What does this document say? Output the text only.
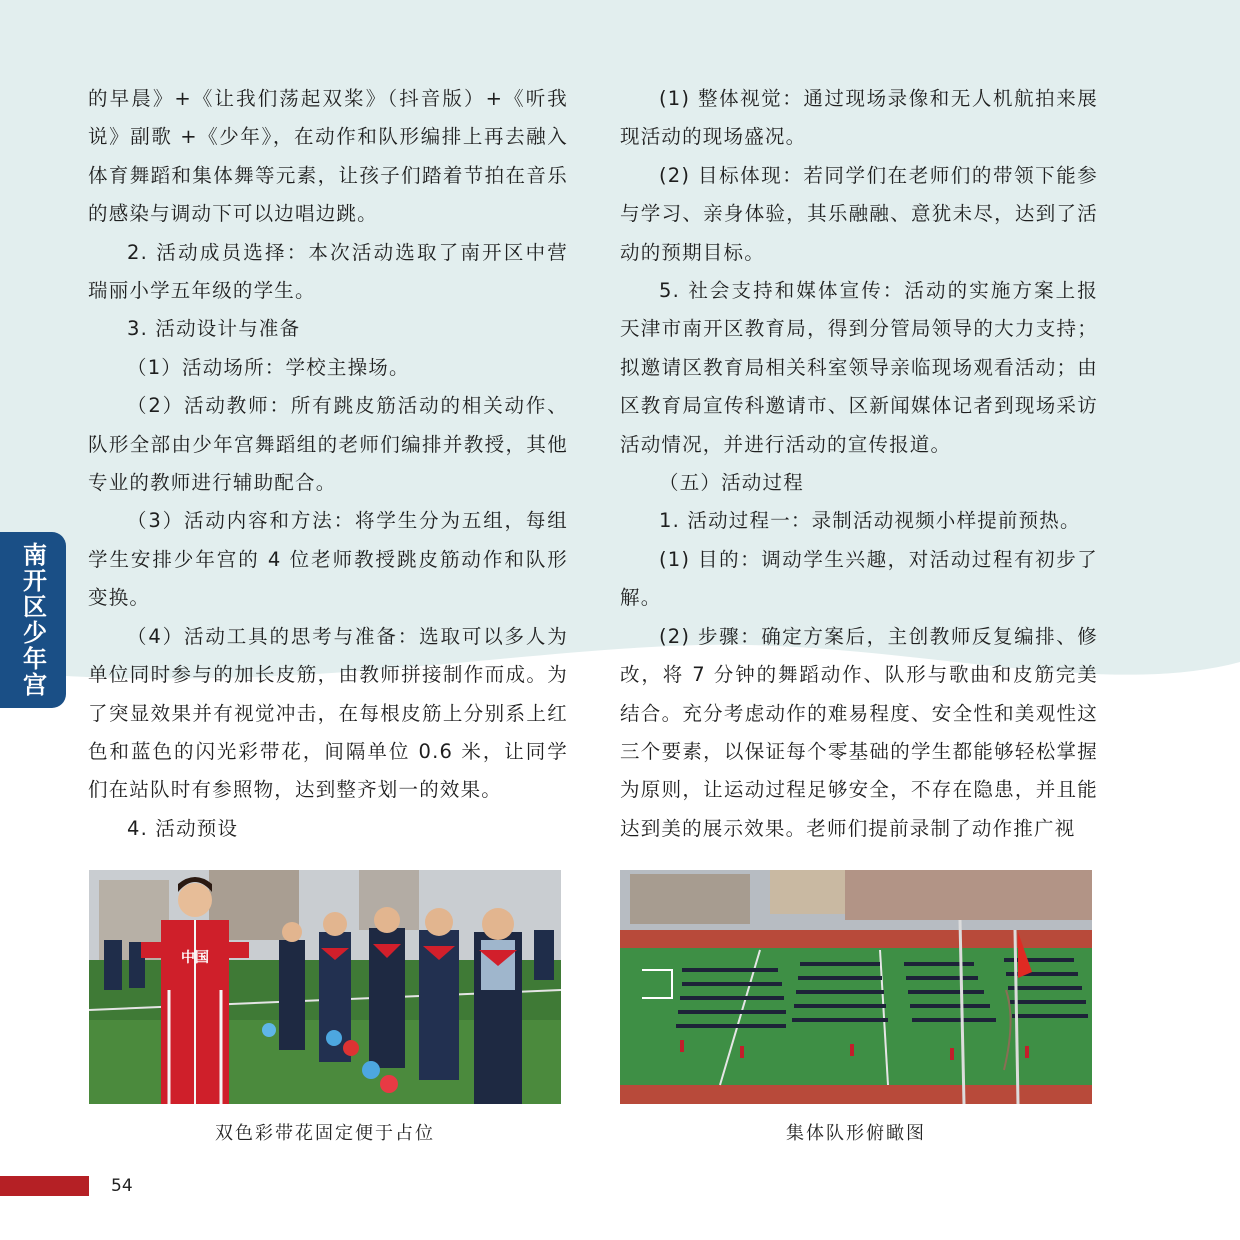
的早晨》+《让我们荡起双桨》（抖音版）+《听我说》副歌 +《少年》，在动作和队形编排上再去融入体育舞蹈和集体舞等元素，让孩子们踏着节拍在音乐的感染与调动下可以边唱边跳。

2. 活动成员选择：本次活动选取了南开区中营瑞丽小学五年级的学生。

3. 活动设计与准备

（1）活动场所：学校主操场。

（2）活动教师：所有跳皮筋活动的相关动作、队形全部由少年宫舞蹈组的老师们编排并教授，其他专业的教师进行辅助配合。

（3）活动内容和方法：将学生分为五组，每组学生安排少年宫的 4 位老师教授跳皮筋动作和队形变换。

（4）活动工具的思考与准备：选取可以多人为单位同时参与的加长皮筋，由教师拼接制作而成。为了突显效果并有视觉冲击，在每根皮筋上分别系上红色和蓝色的闪光彩带花，间隔单位 0.6 米，让同学们在站队时有参照物，达到整齐划一的效果。

4. 活动预设

(1) 整体视觉：通过现场录像和无人机航拍来展现活动的现场盛况。

(2) 目标体现：若同学们在老师们的带领下能参与学习、亲身体验，其乐融融、意犹未尽，达到了活动的预期目标。

5. 社会支持和媒体宣传：活动的实施方案上报天津市南开区教育局，得到分管局领导的大力支持；拟邀请区教育局相关科室领导亲临现场观看活动；由区教育局宣传科邀请市、区新闻媒体记者到现场采访活动情况，并进行活动的宣传报道。

（五）活动过程

1. 活动过程一：录制活动视频小样提前预热。

(1) 目的：调动学生兴趣，对活动过程有初步了解。

(2) 步骤：确定方案后，主创教师反复编排、修改，将 7 分钟的舞蹈动作、队形与歌曲和皮筋完美结合。充分考虑动作的难易程度、安全性和美观性这三个要素，以保证每个零基础的学生都能够轻松掌握为原则，让运动过程足够安全，不存在隐患，并且能达到美的展示效果。老师们提前录制了动作推广视

南开区少年宫
中国
双色彩带花固定便于占位	集体队形俯瞰图
54
